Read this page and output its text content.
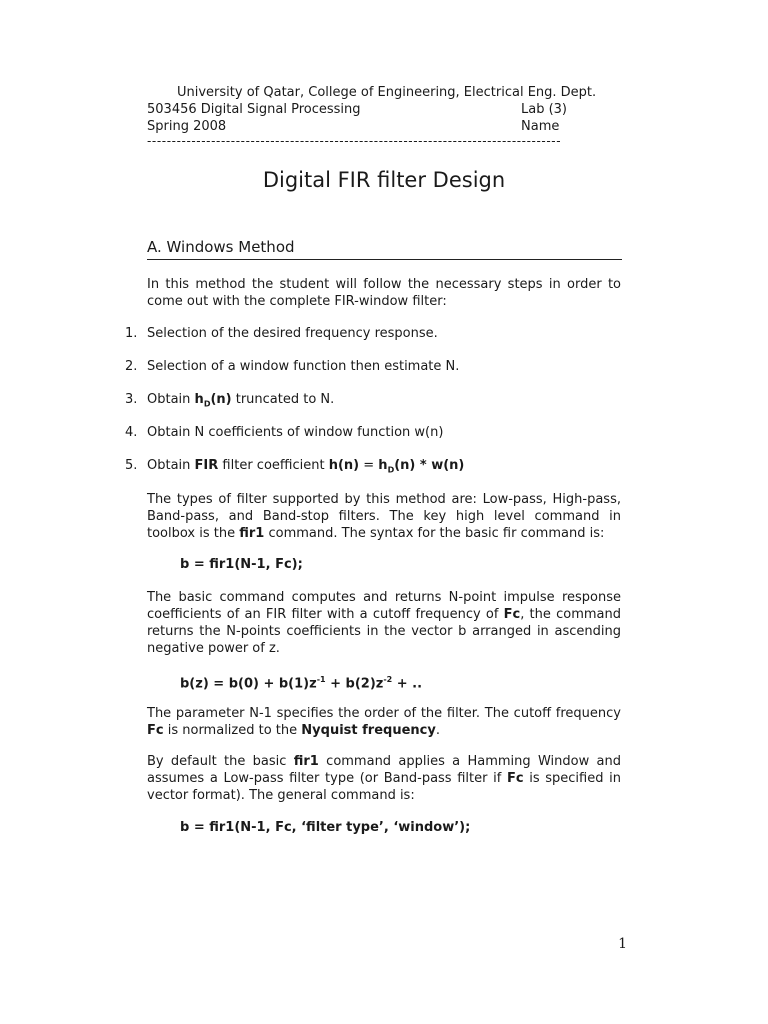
University of Qatar, College of Engineering, Electrical Eng. Dept.
503456 Digital Signal Processing	Lab (3)
Spring 2008	Name
------------------------------------------------------------------------------------
Digital FIR filter Design
A. Windows Method
In this method the student will follow the necessary steps in order to come out with the complete FIR-window filter:
1. Selection of the desired frequency response.
2. Selection of a window function then estimate N.
3. Obtain $h_D(n)$ truncated to N.
4. Obtain N coefficients of window function w(n)
5. Obtain FIR filter coefficient $h(n) = h_D(n) * w(n)$
The types of filter supported by this method are: Low-pass, High-pass, Band-pass, and Band-stop filters. The key high level command in toolbox is the fir1 command. The syntax for the basic fir command is:
b = fir1(N-1, Fc);
The basic command computes and returns N-point impulse response coefficients of an FIR filter with a cutoff frequency of Fc, the command returns the N-points coefficients in the vector b arranged in ascending negative power of z.
$b(z) = b(0) + b(1)z^{-1} + b(2)z^{-2}$ + ..
The parameter N-1 specifies the order of the filter. The cutoff frequency Fc is normalized to the Nyquist frequency.
By default the basic fir1 command applies a Hamming Window and assumes a Low-pass filter type (or Band-pass filter if Fc is specified in vector format). The general command is:
b = fir1(N-1, Fc, ‘filter type’, ‘window’);
1
